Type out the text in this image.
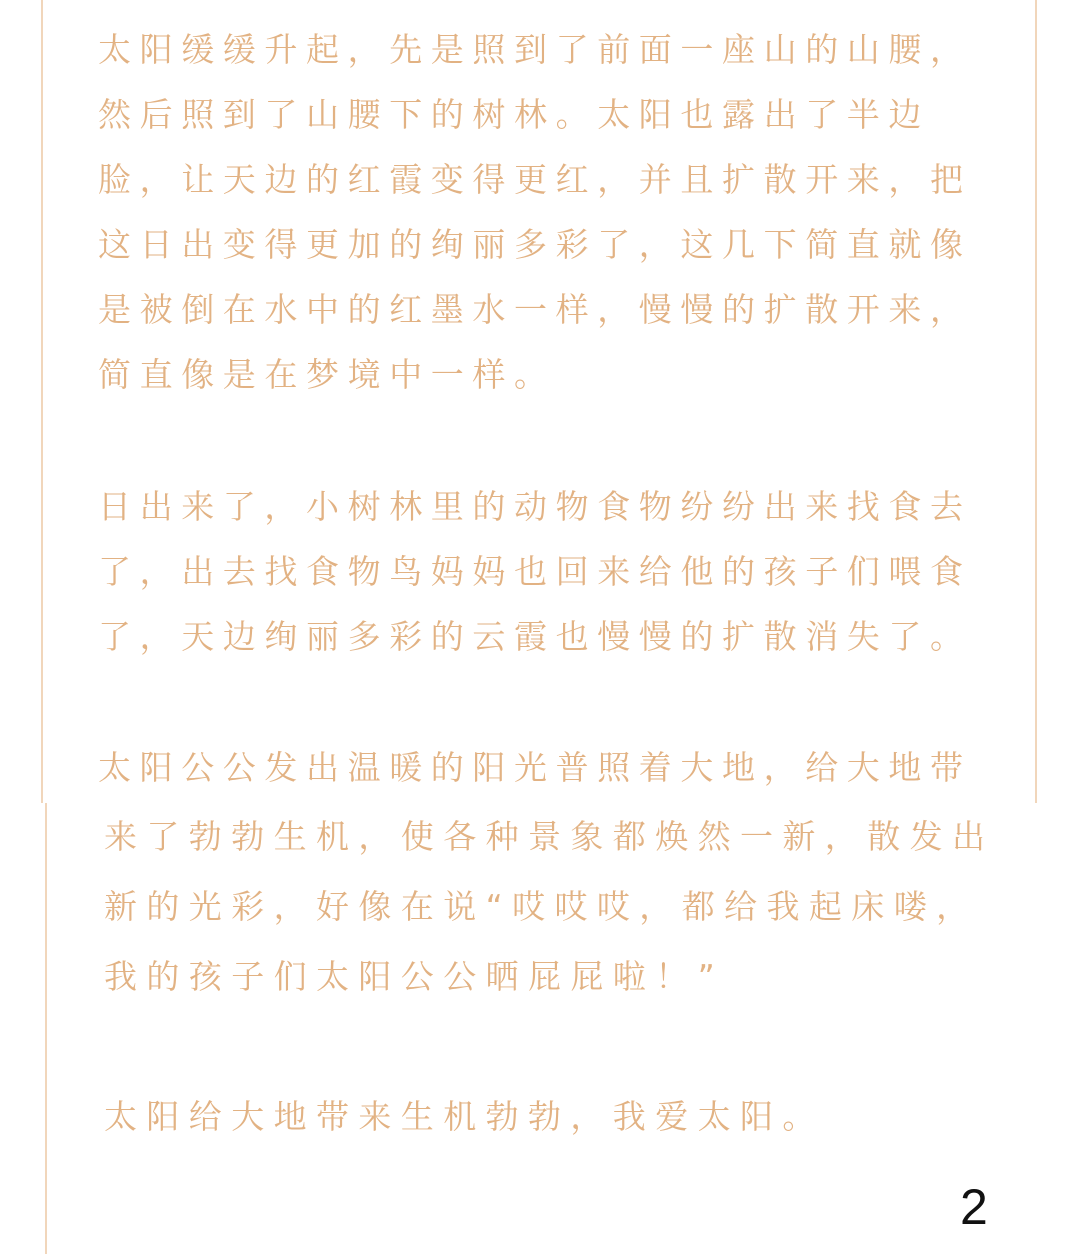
太阳缓缓升起，先是照到了前面一座山的山腰，
然后照到了山腰下的树林。太阳也露出了半边
脸，让天边的红霞变得更红，并且扩散开来，把
这日出变得更加的绚丽多彩了，这几下简直就像
是被倒在水中的红墨水一样，慢慢的扩散开来，
简直像是在梦境中一样。
日出来了，小树林里的动物食物纷纷出来找食去
了，出去找食物鸟妈妈也回来给他的孩子们喂食
了，天边绚丽多彩的云霞也慢慢的扩散消失了。
太阳公公发出温暖的阳光普照着大地，给大地带
来了勃勃生机，使各种景象都焕然一新，散发出
新的光彩，好像在说“哎哎哎，都给我起床喽，
我的孩子们太阳公公晒屁屁啦！”
太阳给大地带来生机勃勃，我爱太阳。
2
